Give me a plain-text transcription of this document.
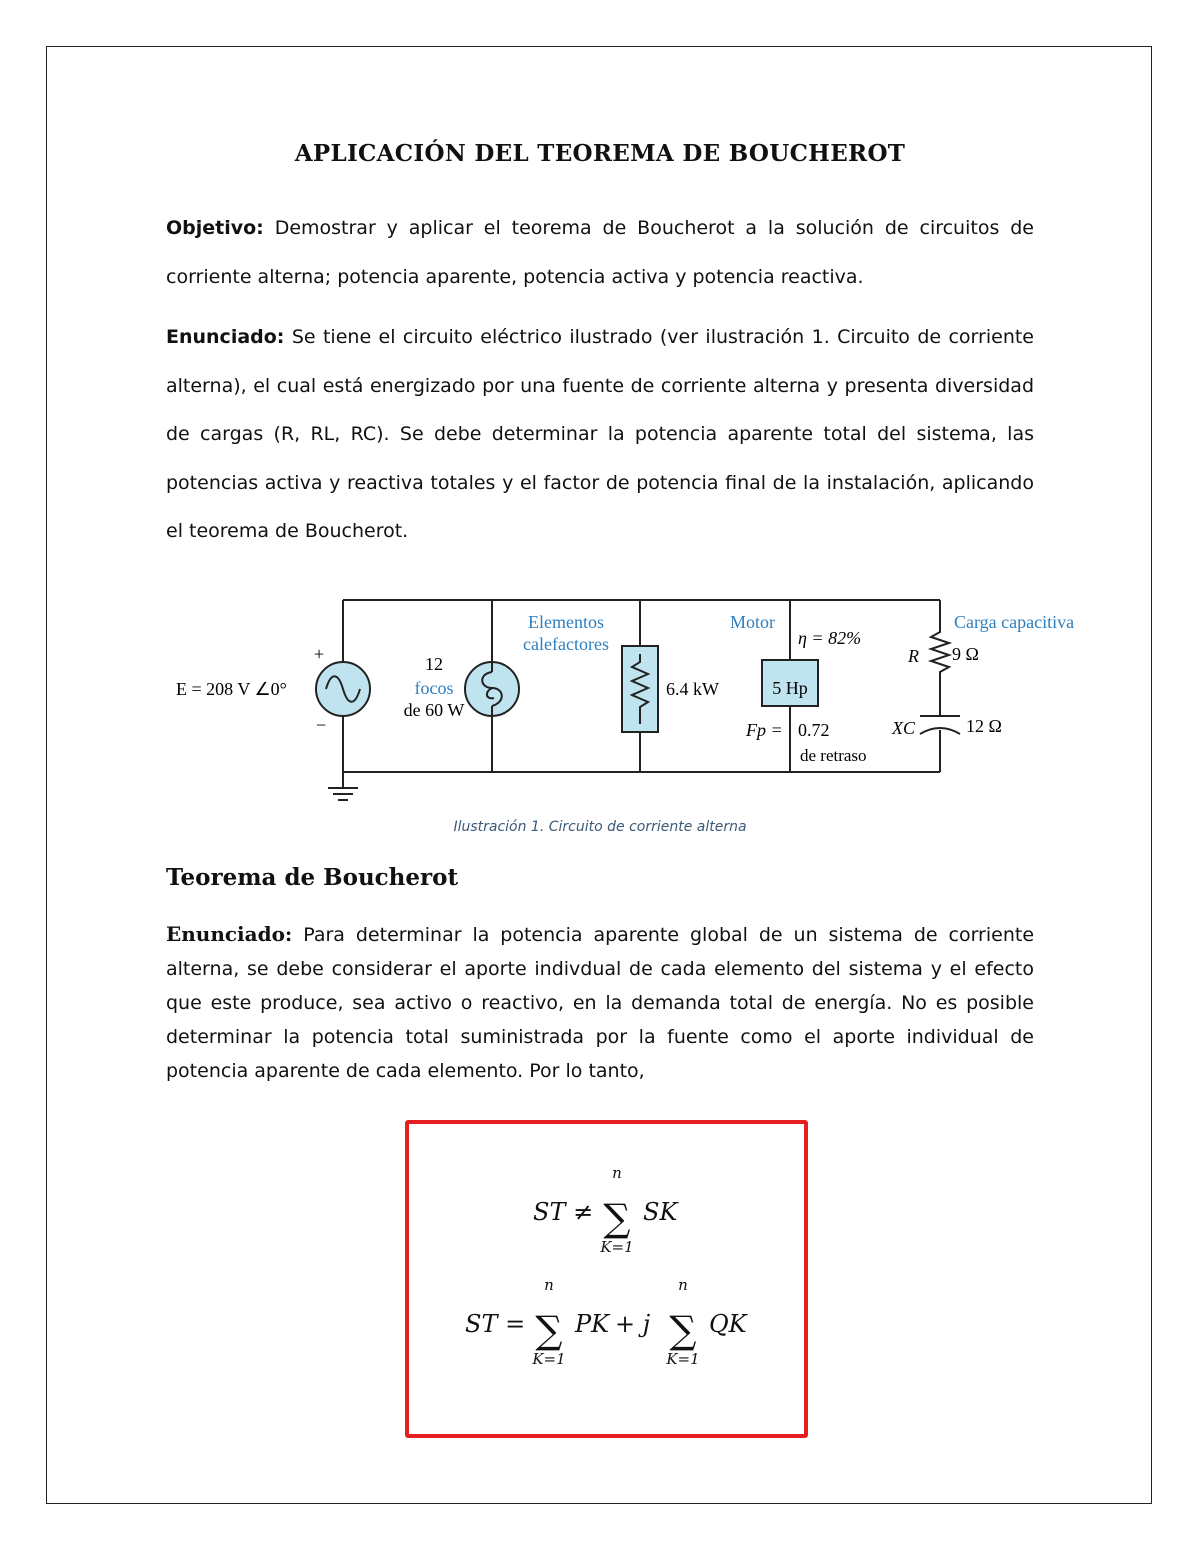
APLICACIÓN DEL TEOREMA DE BOUCHEROT
Objetivo: Demostrar y aplicar el teorema de Boucherot a la solución de circuitos de corriente alterna; potencia aparente, potencia activa y potencia reactiva.
Enunciado: Se tiene el circuito eléctrico ilustrado (ver ilustración 1. Circuito de corriente alterna), el cual está energizado por una fuente de corriente alterna y presenta diversidad de cargas (R, RL, RC). Se debe determinar la potencia aparente total del sistema, las potencias activa y reactiva totales y el factor de potencia final de la instalación, aplicando el teorema de Boucherot.
+
−
E = 208 V ∠0°
12
focos
de 60 W
Elementos
calefactores
6.4 kW	5 Hp
Motor
η = 82%
Fp = 0.72
de retraso
Carga capacitiva
R 9 Ω
XC	12 Ω
Ilustración 1. Circuito de corriente alterna
Teorema de Boucherot
Enunciado: Para determinar la potencia aparente global de un sistema de corriente alterna, se debe considerar el aporte indivdual de cada elemento del sistema y el efecto que este produce, sea activo o reactivo, en la demanda total de energía. No es posible determinar la potencia total suministrada por la fuente como el aporte individual de potencia aparente de cada elemento. Por lo tanto,
ST ≠
n
∑
K=1
SK
ST =
n
∑
K=1
PK + j
n
∑
K=1
QK
